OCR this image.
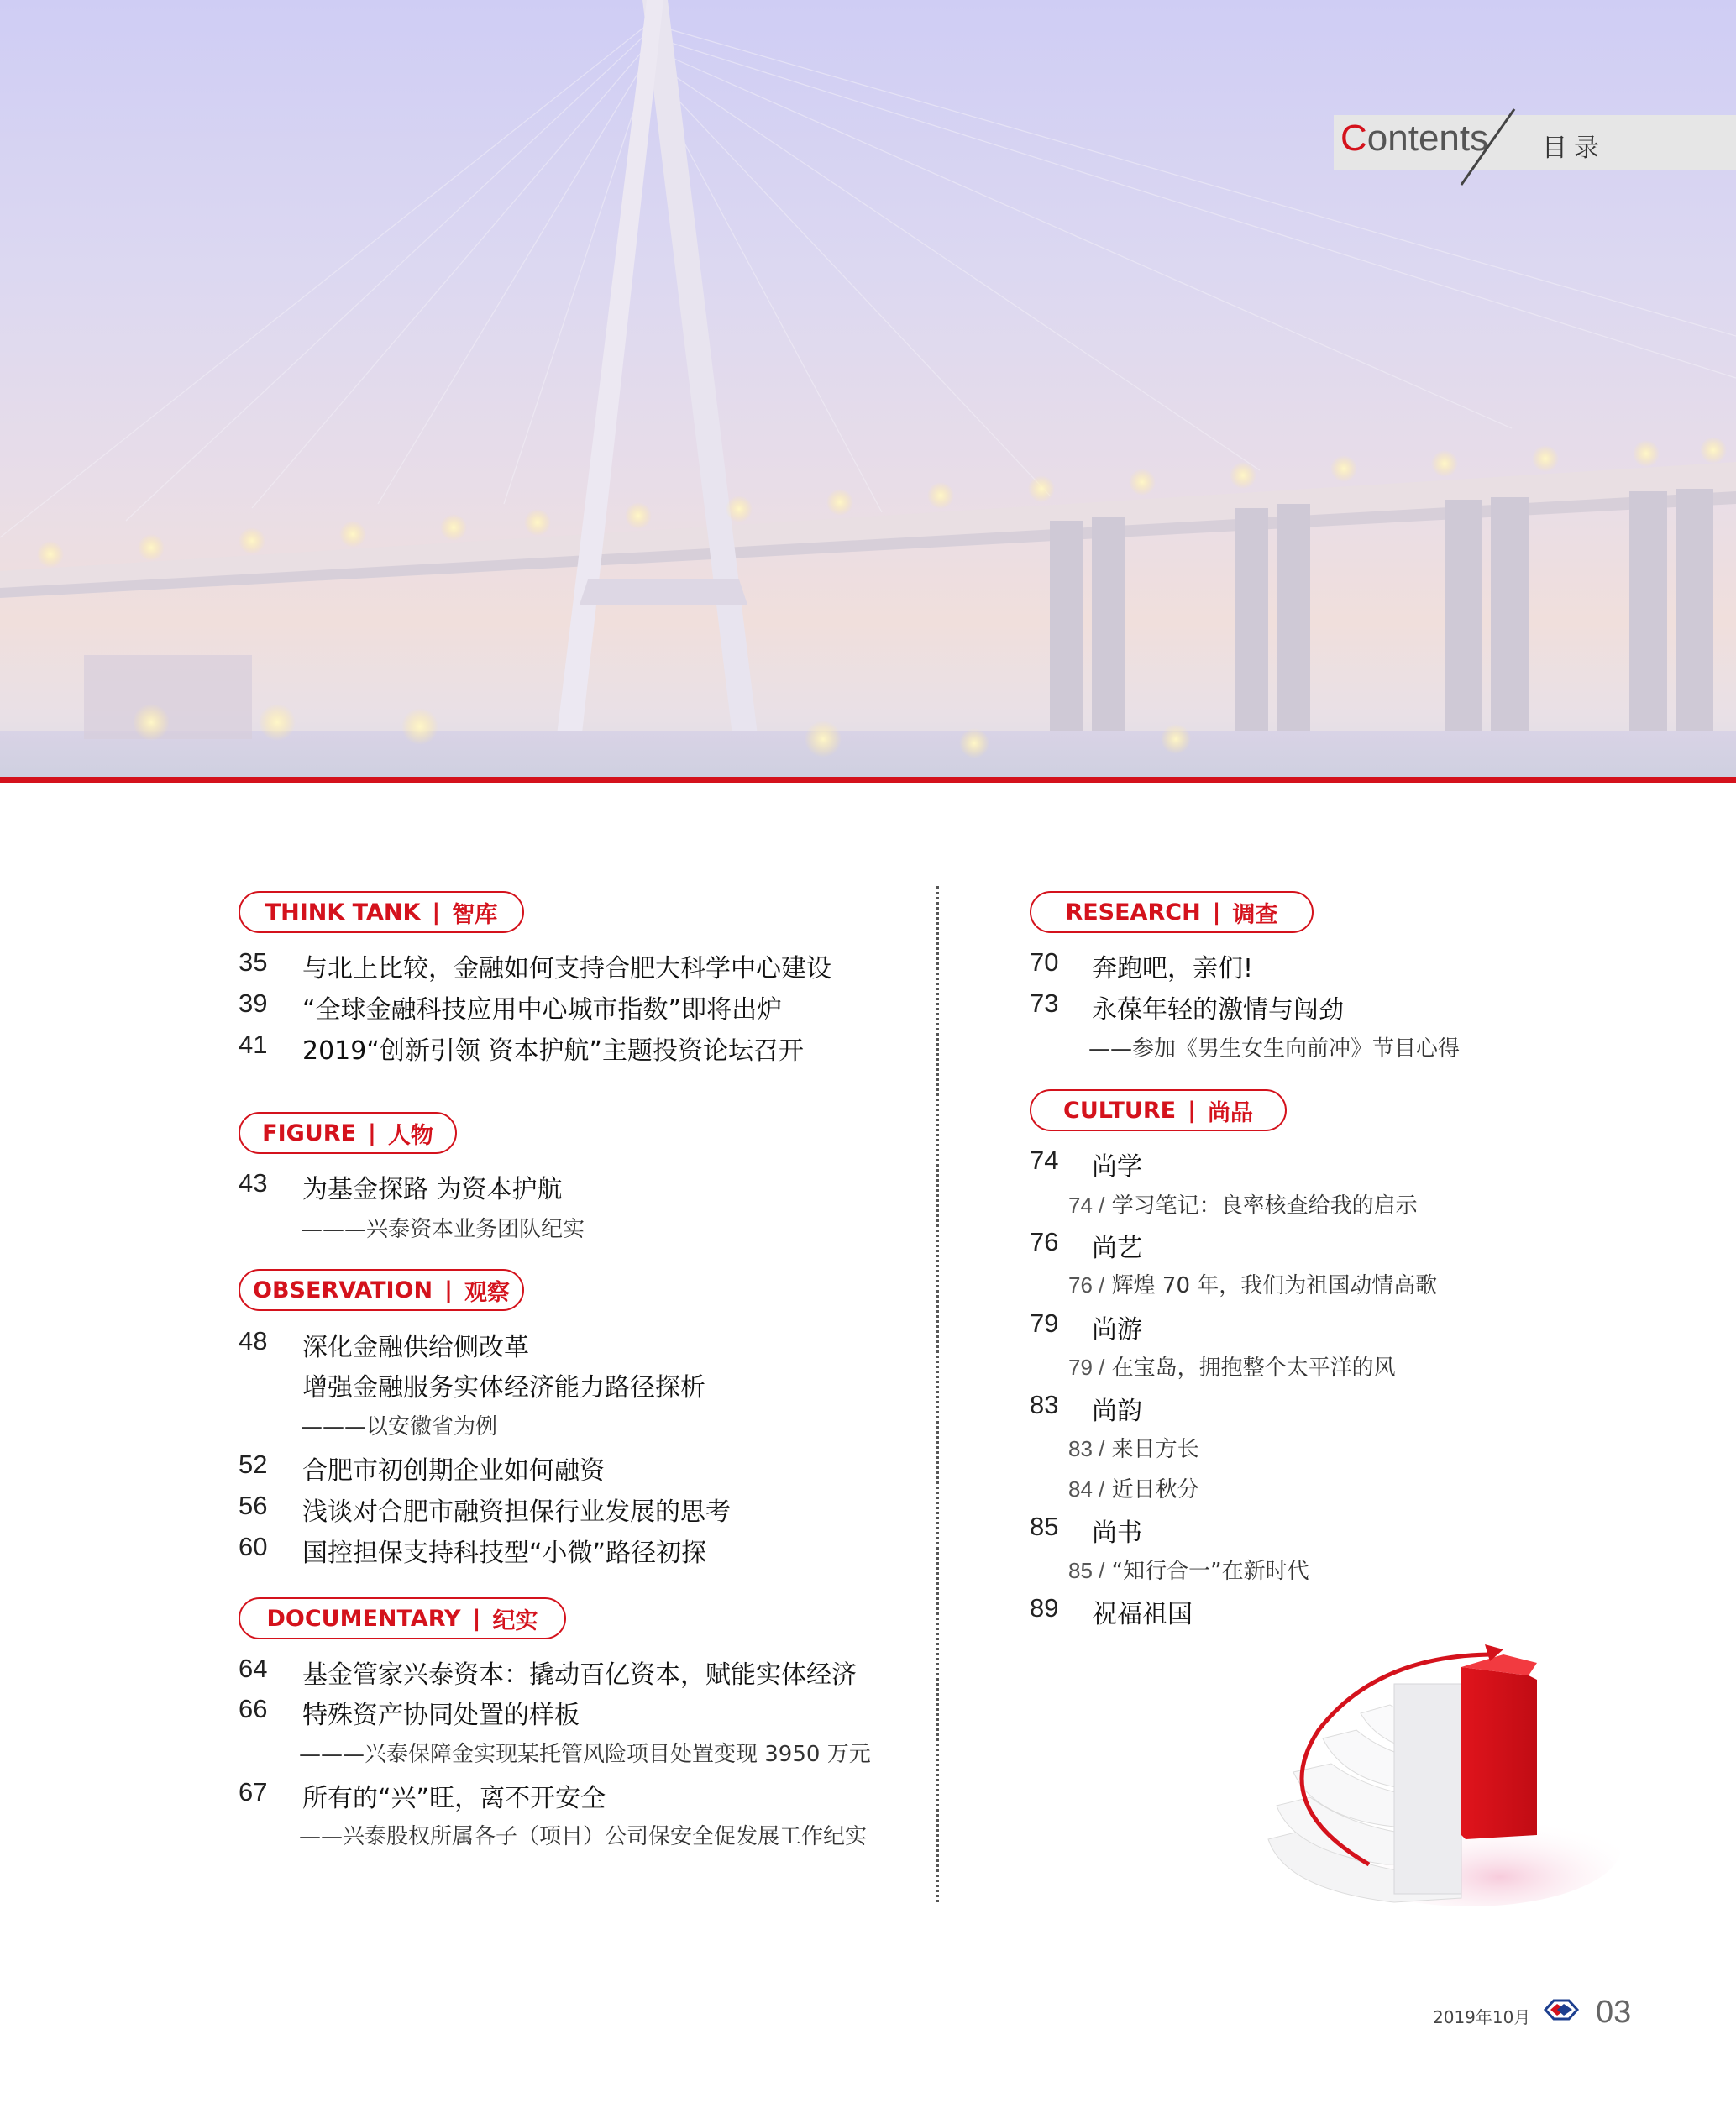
Contents 目录
THINK TANK | 智库
35 与北上比较，金融如何支持合肥大科学中心建设
39 “全球金融科技应用中心城市指数”即将出炉
41 2019“创新引领 资本护航”主题投资论坛召开
FIGURE | 人物
43 为基金探路 为资本护航
———兴泰资本业务团队纪实
OBSERVATION | 观察
48 深化金融供给侧改革
增强金融服务实体经济能力路径探析
———以安徽省为例
52 合肥市初创期企业如何融资
56 浅谈对合肥市融资担保行业发展的思考
60 国控担保支持科技型“小微”路径初探
DOCUMENTARY | 纪实
64 基金管家兴泰资本：撬动百亿资本，赋能实体经济
66 特殊资产协同处置的样板
———兴泰保障金实现某托管风险项目处置变现 3950 万元
67 所有的“兴”旺，离不开安全
——兴泰股权所属各子（项目）公司保安全促发展工作纪实
RESEARCH | 调查
70 奔跑吧，亲们!
73 永葆年轻的激情与闯劲
——参加《男生女生向前冲》节目心得
CULTURE | 尚品
74 尚学
74 / 学习笔记：良率核查给我的启示
76 尚艺
76 / 辉煌 70 年，我们为祖国动情高歌
79 尚游
79 / 在宝岛，拥抱整个太平洋的风
83 尚韵
83 / 来日方长
84 / 近日秋分
85 尚书
85 / “知行合一”在新时代
89 祝福祖国
2019年10月 03
